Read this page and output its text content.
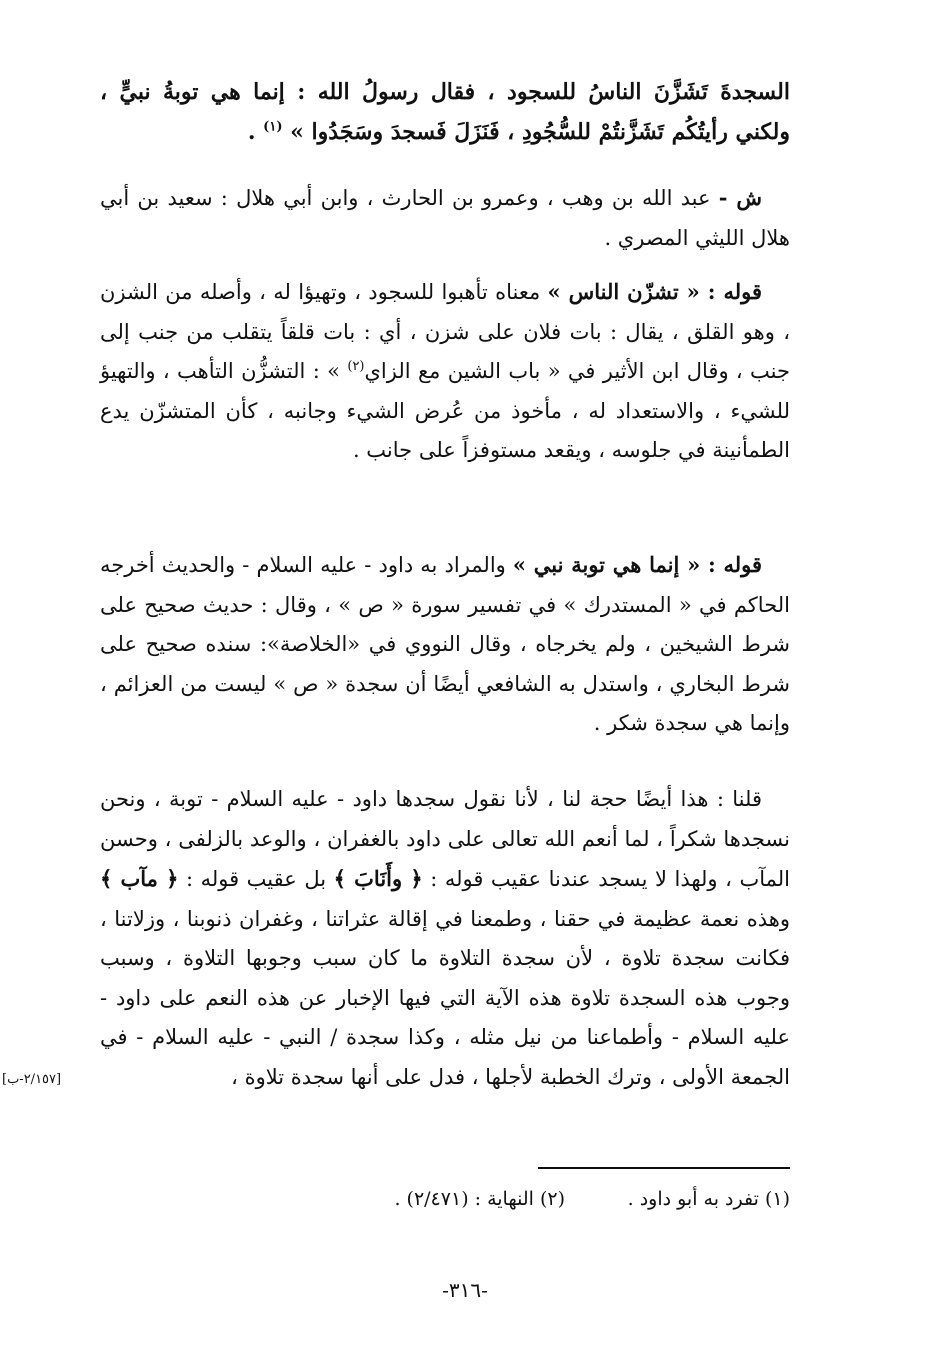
السجدةَ تَشَزَّنَ الناسُ للسجود ، فقال رسولُ الله : إنما هي توبةُ نبيٍّ ، ولكني رأيتُكُم تَشَزَّنتُمْ للسُّجُودِ ، فَنَزَلَ فَسجدَ وسَجَدُوا » $^{(١)}$ .
ش - عبد الله بن وهب ، وعمرو بن الحارث ، وابن أبي هلال : سعيد بن أبي هلال الليثي المصري .
قوله : « تشزّن الناس » معناه تأهبوا للسجود ، وتهيؤا له ، وأصله من الشزن ، وهو القلق ، يقال : بات فلان على شزن ، أي : بات قلقاً يتقلب من جنب إلى جنب ، وقال ابن الأثير في « باب الشين مع الزاي$^{(٢)}$ » : التشزُّن التأهب ، والتهيؤ للشيء ، والاستعداد له ، مأخوذ من عُرض الشيء وجانبه ، كأن المتشزّن يدع الطمأنينة في جلوسه ، ويقعد مستوفزاً على جانب .
قوله : « إنما هي توبة نبي » والمراد به داود - عليه السلام - والحديث أخرجه الحاكم في « المستدرك » في تفسير سورة « ص » ، وقال : حديث صحيح على شرط الشيخين ، ولم يخرجاه ، وقال النووي في «الخلاصة»: سنده صحيح على شرط البخاري ، واستدل به الشافعي أيضًا أن سجدة « ص » ليست من العزائم ، وإنما هي سجدة شكر .
قلنا : هذا أيضًا حجة لنا ، لأنا نقول سجدها داود - عليه السلام - توبة ، ونحن نسجدها شكراً ، لما أنعم الله تعالى على داود بالغفران ، والوعد بالزلفى ، وحسن المآب ، ولهذا لا يسجد عندنا عقيب قوله : ﴿ وأَنَابَ ﴾ بل عقيب قوله : ﴿ مآب ﴾ وهذه نعمة عظيمة في حقنا ، وطمعنا في إقالة عثراتنا ، وغفران ذنوبنا ، وزلاتنا ، فكانت سجدة تلاوة ، لأن سجدة التلاوة ما كان سبب وجوبها التلاوة ، وسبب وجوب هذه السجدة تلاوة هذه الآية التي فيها الإخبار عن هذه النعم على داود - عليه السلام - وأطماعنا من نيل مثله ، وكذا سجدة / النبي - عليه السلام - في الجمعة الأولى ، وترك الخطبة لأجلها ، فدل على أنها سجدة تلاوة ،
[٢/١٥٧-ب]
(١) تفرد به أبو داود .
(٢) النهاية : (٢/٤٧١) .
-٣١٦-
